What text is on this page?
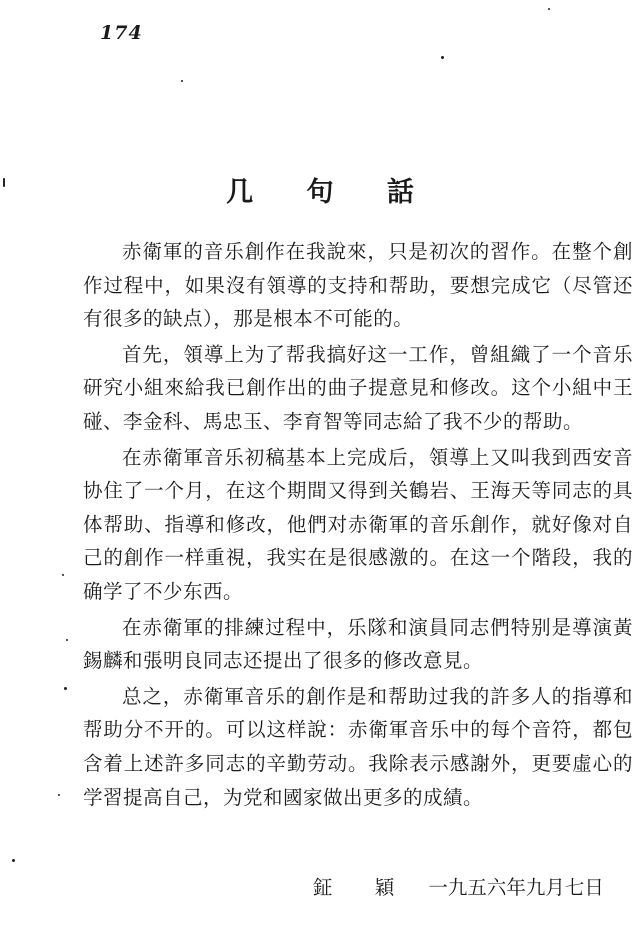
174
几 句 話

赤衛軍的音乐創作在我說來，只是初次的習作。在整个創作过程中，如果沒有領導的支持和帮助，要想完成它（尽管还有很多的缺点），那是根本不可能的。

首先，領導上为了帮我搞好这一工作，曾組織了一个音乐研究小組來給我已創作出的曲子提意見和修改。这个小組中王碰、李金科、馬忠玉、李育智等同志給了我不少的帮助。

在赤衛軍音乐初稿基本上完成后，領導上又叫我到西安音协住了一个月，在这个期間又得到关鶴岩、王海天等同志的具体帮助、指導和修改，他們对赤衛軍的音乐創作，就好像对自己的創作一样重視，我实在是很感激的。在这一个階段，我的确学了不少东西。

在赤衛軍的排練过程中，乐隊和演員同志們特别是導演黃錫麟和張明良同志还提出了很多的修改意見。

总之，赤衛軍音乐的創作是和帮助过我的許多人的指導和帮助分不开的。可以这样說：赤衛軍音乐中的每个音符，都包含着上述許多同志的辛勤劳动。我除表示感謝外，更要虛心的学習提高自己，为党和國家做出更多的成績。

鉦 穎 一九五六年九月七日
